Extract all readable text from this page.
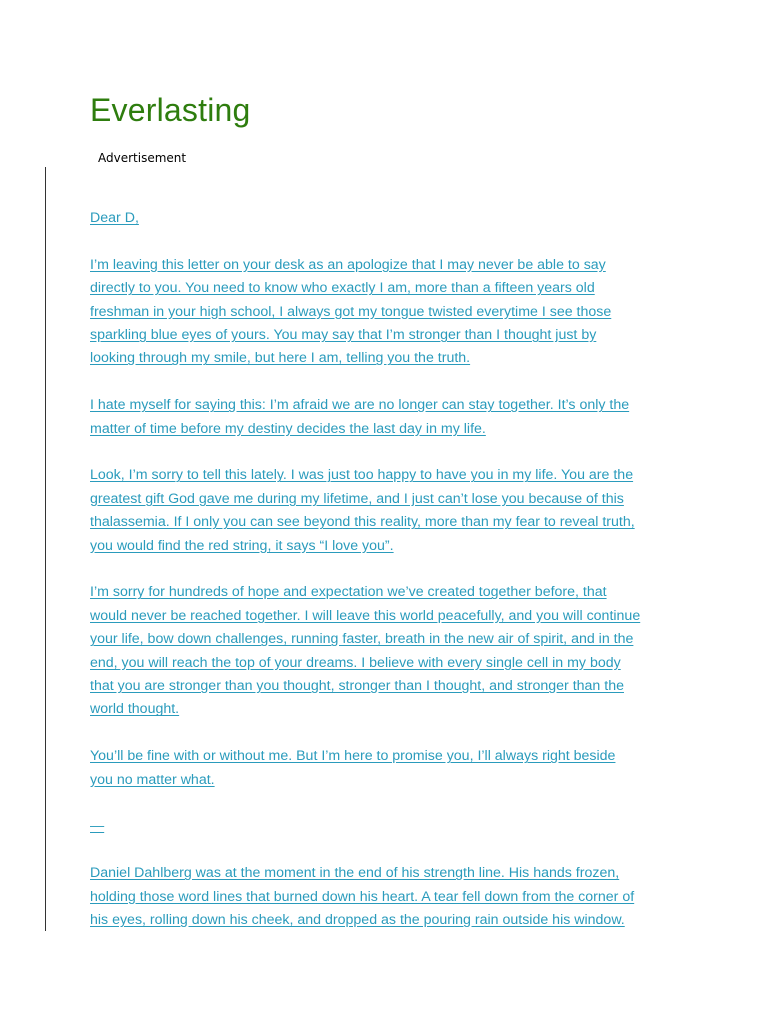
Everlasting
Advertisement

Dear D,

I’m leaving this letter on your desk as an apologize that I may never be able to say
directly to you. You need to know who exactly I am, more than a fifteen years old
freshman in your high school, I always got my tongue twisted everytime I see those
sparkling blue eyes of yours. You may say that I’m stronger than I thought just by
looking through my smile, but here I am, telling you the truth.

I hate myself for saying this: I’m afraid we are no longer can stay together. It’s only the
matter of time before my destiny decides the last day in my life.

Look, I’m sorry to tell this lately. I was just too happy to have you in my life. You are the
greatest gift God gave me during my lifetime, and I just can’t lose you because of this
thalassemia. If I only you can see beyond this reality, more than my fear to reveal truth,
you would find the red string, it says “I love you”.

I’m sorry for hundreds of hope and expectation we’ve created together before, that
would never be reached together. I will leave this world peacefully, and you will continue
your life, bow down challenges, running faster, breath in the new air of spirit, and in the
end, you will reach the top of your dreams. I believe with every single cell in my body
that you are stronger than you thought, stronger than I thought, and stronger than the
world thought.

You’ll be fine with or without me. But I’m here to promise you, I’ll always right beside
you no matter what.

—

Daniel Dahlberg was at the moment in the end of his strength line. His hands frozen,
holding those word lines that burned down his heart. A tear fell down from the corner of
his eyes, rolling down his cheek, and dropped as the pouring rain outside his window.
